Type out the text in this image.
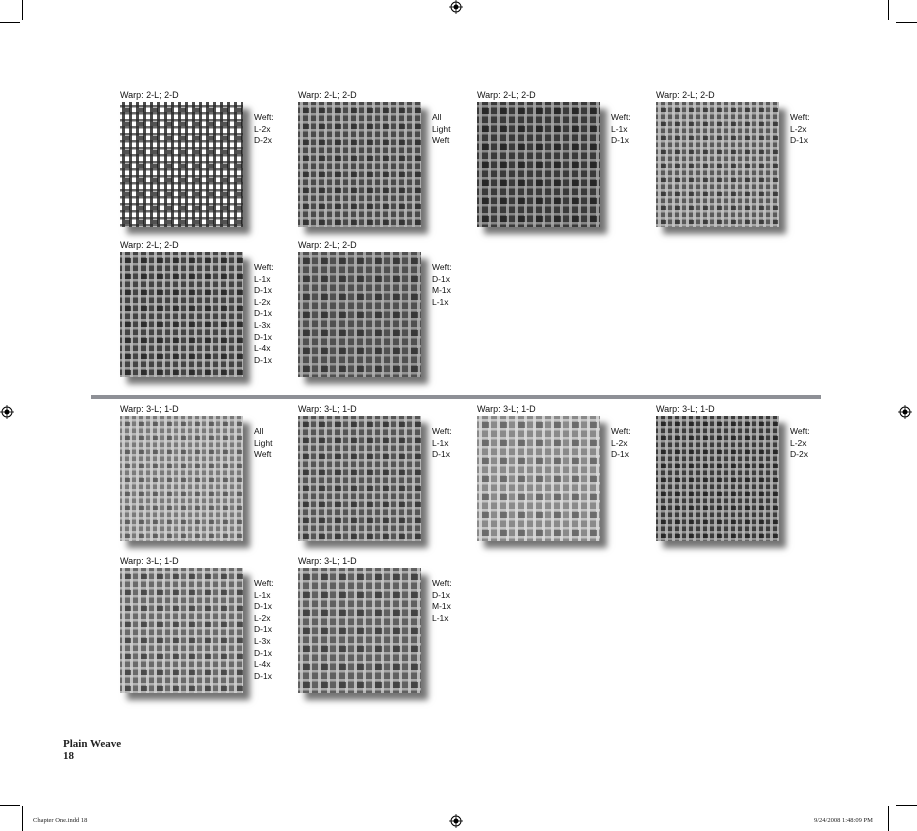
Warp: 2-L; 2-D
Weft:
L-2x
D-2x
Warp: 2-L; 2-D
All
Light
Weft
Warp: 2-L; 2-D
Weft:
L-1x
D-1x
Warp: 2-L; 2-D
Weft:
L-2x
D-1x
Warp: 2-L; 2-D
Weft:
L-1x
D-1x
L-2x
D-1x
L-3x
D-1x
L-4x
D-1x
Warp: 2-L; 2-D
Weft:
D-1x
M-1x
L-1x
Warp: 3-L; 1-D
All
Light
Weft
Warp: 3-L; 1-D
Weft:
L-1x
D-1x
Warp: 3-L; 1-D
Weft:
L-2x
D-1x
Warp: 3-L; 1-D
Weft:
L-2x
D-2x
Warp: 3-L; 1-D
Weft:
L-1x
D-1x
L-2x
D-1x
L-3x
D-1x
L-4x
D-1x
Warp: 3-L; 1-D
Weft:
D-1x
M-1x
L-1x
Plain Weave
18
Chapter One.indd 18	9/24/2008 1:48:09 PM
